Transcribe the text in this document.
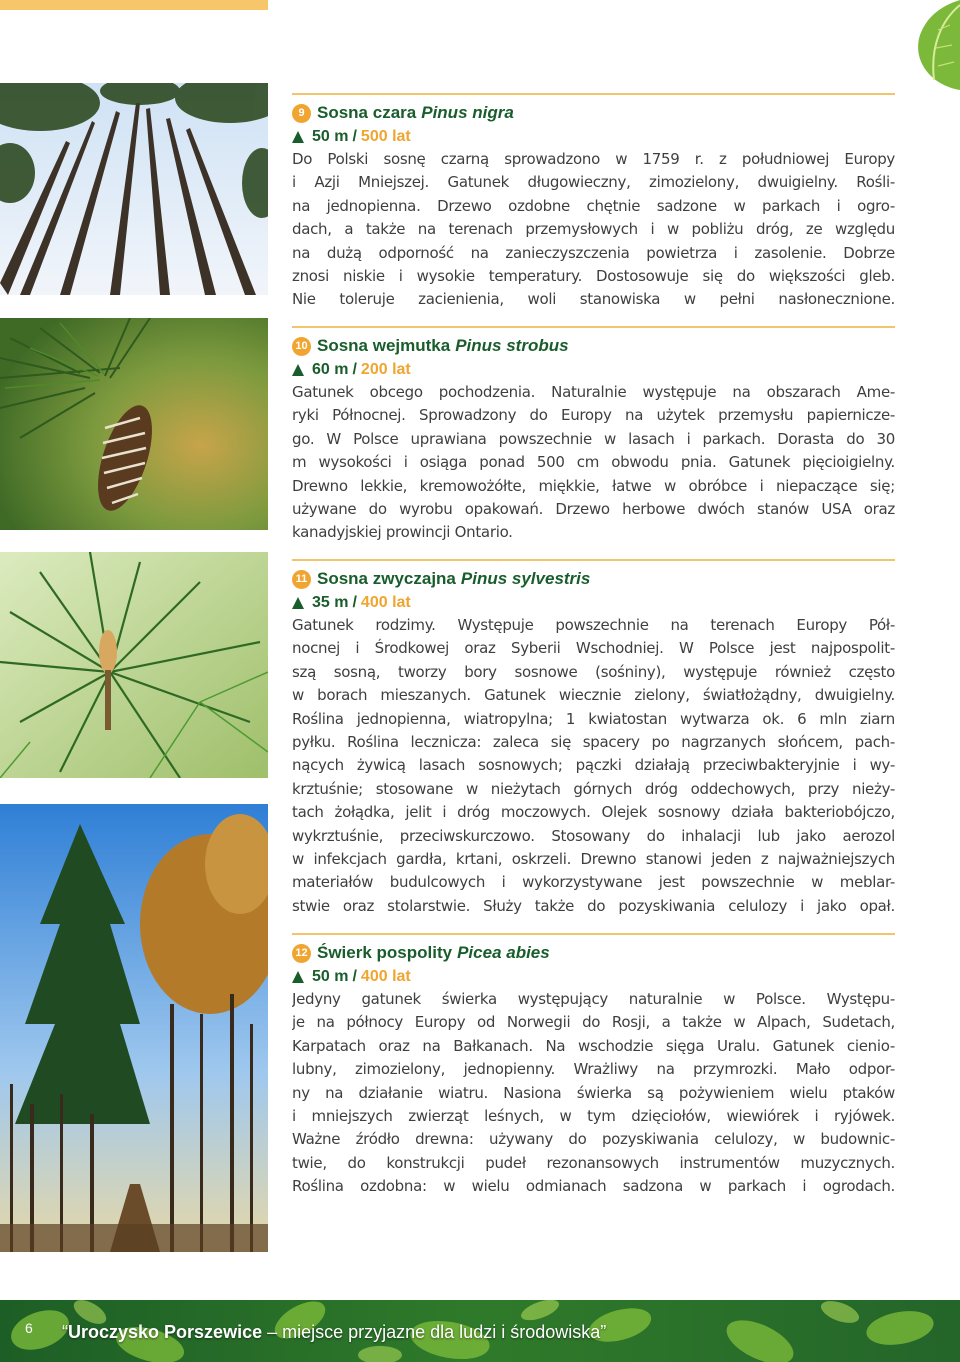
9 Sosna czara Pinus nigra
50 m / 500 lat
Do Polski sosnę czarną sprowadzono w 1759 r. z południowej Europy
i Azji Mniejszej. Gatunek długowieczny, zimozielony, dwuigielny. Rośli-
na jednopienna. Drzewo ozdobne chętnie sadzone w parkach i ogro-
dach, a także na terenach przemysłowych i w pobliżu dróg, ze względu
na dużą odporność na zanieczyszczenia powietrza i zasolenie. Dobrze
znosi niskie i wysokie temperatury. Dostosowuje się do większości gleb.
Nie toleruje zacienienia, woli stanowiska w pełni nasłonecznione.
10 Sosna wejmutka Pinus strobus
60 m / 200 lat
Gatunek obcego pochodzenia. Naturalnie występuje na obszarach Ame-
ryki Północnej. Sprowadzony do Europy na użytek przemysłu papiernicze-
go. W Polsce uprawiana powszechnie w lasach i parkach. Dorasta do 30
m wysokości i osiąga ponad 500 cm obwodu pnia. Gatunek pięcioigielny.
Drewno lekkie, kremowożółte, miękkie, łatwe w obróbce i niepaczące się;
używane do wyrobu opakowań. Drzewo herbowe dwóch stanów USA oraz
kanadyjskiej prowincji Ontario.
11 Sosna zwyczajna Pinus sylvestris
35 m / 400 lat
Gatunek rodzimy. Występuje powszechnie na terenach Europy Pół-
nocnej i Środkowej oraz Syberii Wschodniej. W Polsce jest najpospolit-
szą sosną, tworzy bory sosnowe (sośniny), występuje również często
w borach mieszanych. Gatunek wiecznie zielony, światłożądny, dwuigielny.
Roślina jednopienna, wiatropylna; 1 kwiatostan wytwarza ok. 6 mln ziarn
pyłku. Roślina lecznicza: zaleca się spacery po nagrzanych słońcem, pach-
nących żywicą lasach sosnowych; pączki działają przeciwbakteryjnie i wy-
krztuśnie; stosowane w nieżytach górnych dróg oddechowych, przy nieży-
tach żołądka, jelit i dróg moczowych. Olejek sosnowy działa bakteriobójczo,
wykrztuśnie, przeciwskurczowo. Stosowany do inhalacji lub jako aerozol
w infekcjach gardła, krtani, oskrzeli. Drewno stanowi jeden z najważniejszych
materiałów budulcowych i wykorzystywane jest powszechnie w meblar-
stwie oraz stolarstwie. Służy także do pozyskiwania celulozy i jako opał.
12 Świerk pospolity Picea abies
50 m / 400 lat
Jedyny gatunek świerka występujący naturalnie w Polsce. Występu-
je na północy Europy od Norwegii do Rosji, a także w Alpach, Sudetach,
Karpatach oraz na Bałkanach. Na wschodzie sięga Uralu. Gatunek cienio-
lubny, zimozielony, jednopienny. Wrażliwy na przymrozki. Mało odpor-
ny na działanie wiatru. Nasiona świerka są pożywieniem wielu ptaków
i mniejszych zwierząt leśnych, w tym dzięciołów, wiewiórek i ryjówek.
Ważne źródło drewna: używany do pozyskiwania celulozy, w budownic-
twie, do konstrukcji pudeł rezonansowych instrumentów muzycznych.
Roślina ozdobna: w wielu odmianach sadzona w parkach i ogrodach.
6 “Uroczysko Porszewice – miejsce przyjazne dla ludzi i środowiska”
